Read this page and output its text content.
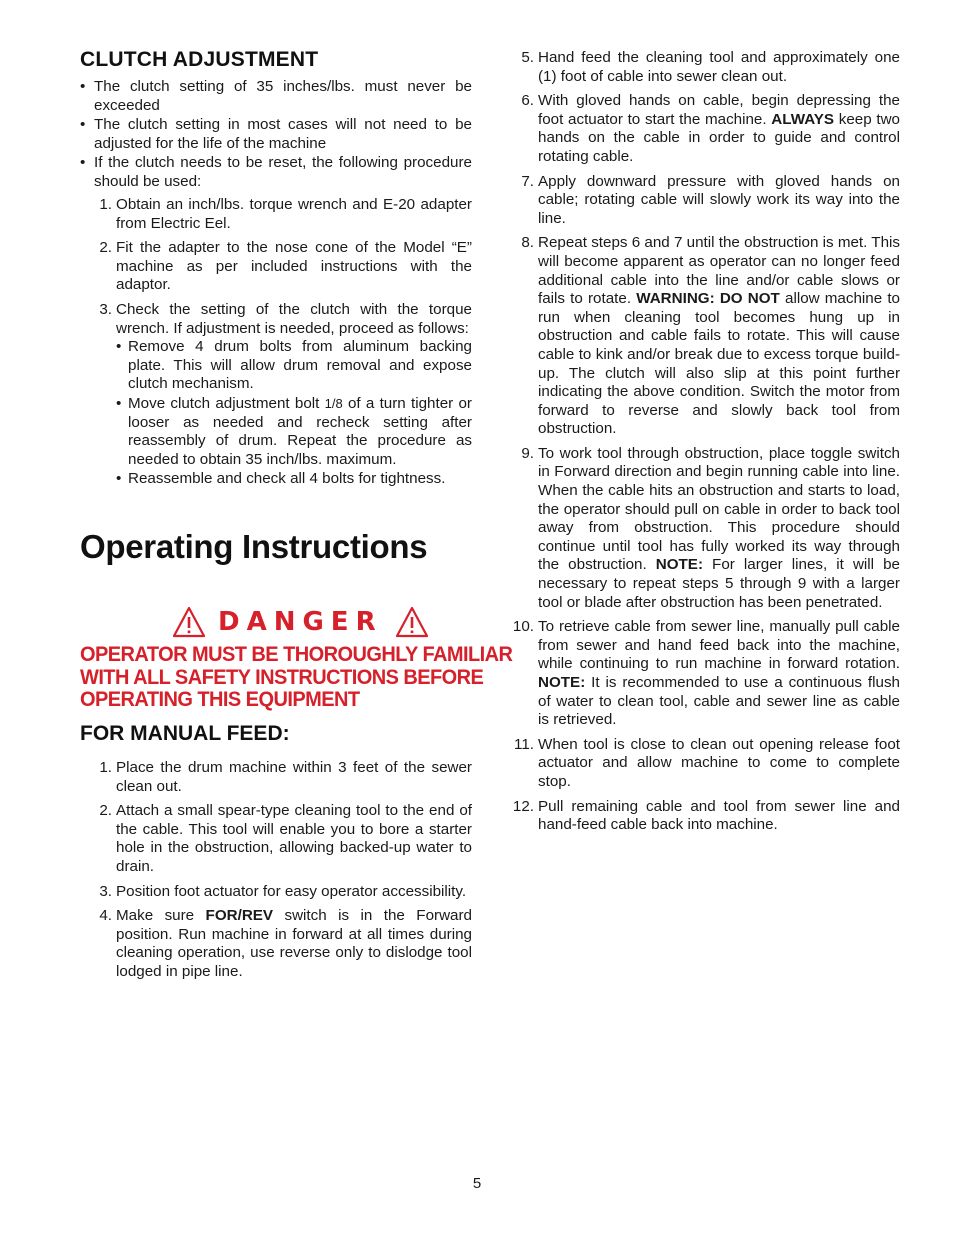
CLUTCH ADJUSTMENT
• The clutch setting of 35 inches/lbs. must never be exceeded
• The clutch setting in most cases will not need to be adjusted for the life of the machine
• If the clutch needs to be reset, the following procedure should be used:
1. Obtain an inch/lbs. torque wrench and E-20 adapter from Electric Eel.
2. Fit the adapter to the nose cone of the Model “E” machine as per included instructions with the adaptor.
3. Check the setting of the clutch with the torque wrench. If adjustment is needed, proceed as follows:
• Remove 4 drum bolts from aluminum backing plate. This will allow drum removal and expose clutch mechanism.
• Move clutch adjustment bolt 1/8 of a turn tighter or looser as needed and recheck setting after reassembly of drum. Repeat the procedure as needed to obtain 35 inch/lbs. maximum.
• Reassemble and check all 4 bolts for tightness.
Operating Instructions
DANGER

OPERATOR MUST BE THOROUGHLY FAMILIAR
WITH ALL SAFETY INSTRUCTIONS BEFORE
OPERATING THIS EQUIPMENT

FOR MANUAL FEED:
1. Place the drum machine within 3 feet of the sewer clean out.
2. Attach a small spear-type cleaning tool to the end of the cable. This tool will enable you to bore a starter hole in the obstruction, allowing backed-up water to drain.
3. Position foot actuator for easy operator accessibility.
4. Make sure FOR/REV switch is in the Forward position. Run machine in forward at all times during cleaning operation, use reverse only to dislodge tool lodged in pipe line.
5. Hand feed the cleaning tool and approximately one (1) foot of cable into sewer clean out.
6. With gloved hands on cable, begin depressing the foot actuator to start the machine. ALWAYS keep two hands on the cable in order to guide and control rotating cable.
7. Apply downward pressure with gloved hands on cable; rotating cable will slowly work its way into the line.
8. Repeat steps 6 and 7 until the obstruction is met. This will become apparent as operator can no longer feed additional cable into the line and/or cable slows or fails to rotate. WARNING: DO NOT allow machine to run when cleaning tool becomes hung up in obstruction and cable fails to rotate. This will cause cable to kink and/or break due to excess torque build-up. The clutch will also slip at this point further indicating the above condition. Switch the motor from forward to reverse and slowly back tool from obstruction.
9. To work tool through obstruction, place toggle switch in Forward direction and begin running cable into line. When the cable hits an obstruction and starts to load, the operator should pull on cable in order to back tool away from obstruction. This procedure should continue until tool has fully worked its way through the obstruction. NOTE: For larger lines, it will be necessary to repeat steps 5 through 9 with a larger tool or blade after obstruction has been penetrated.
10. To retrieve cable from sewer line, manually pull cable from sewer and hand feed back into the machine, while continuing to run machine in forward rotation. NOTE: It is recommended to use a continuous flush of water to clean tool, cable and sewer line as cable is retrieved.
11. When tool is close to clean out opening release foot actuator and allow machine to come to complete stop.
12. Pull remaining cable and tool from sewer line and hand-feed cable back into machine.
5
